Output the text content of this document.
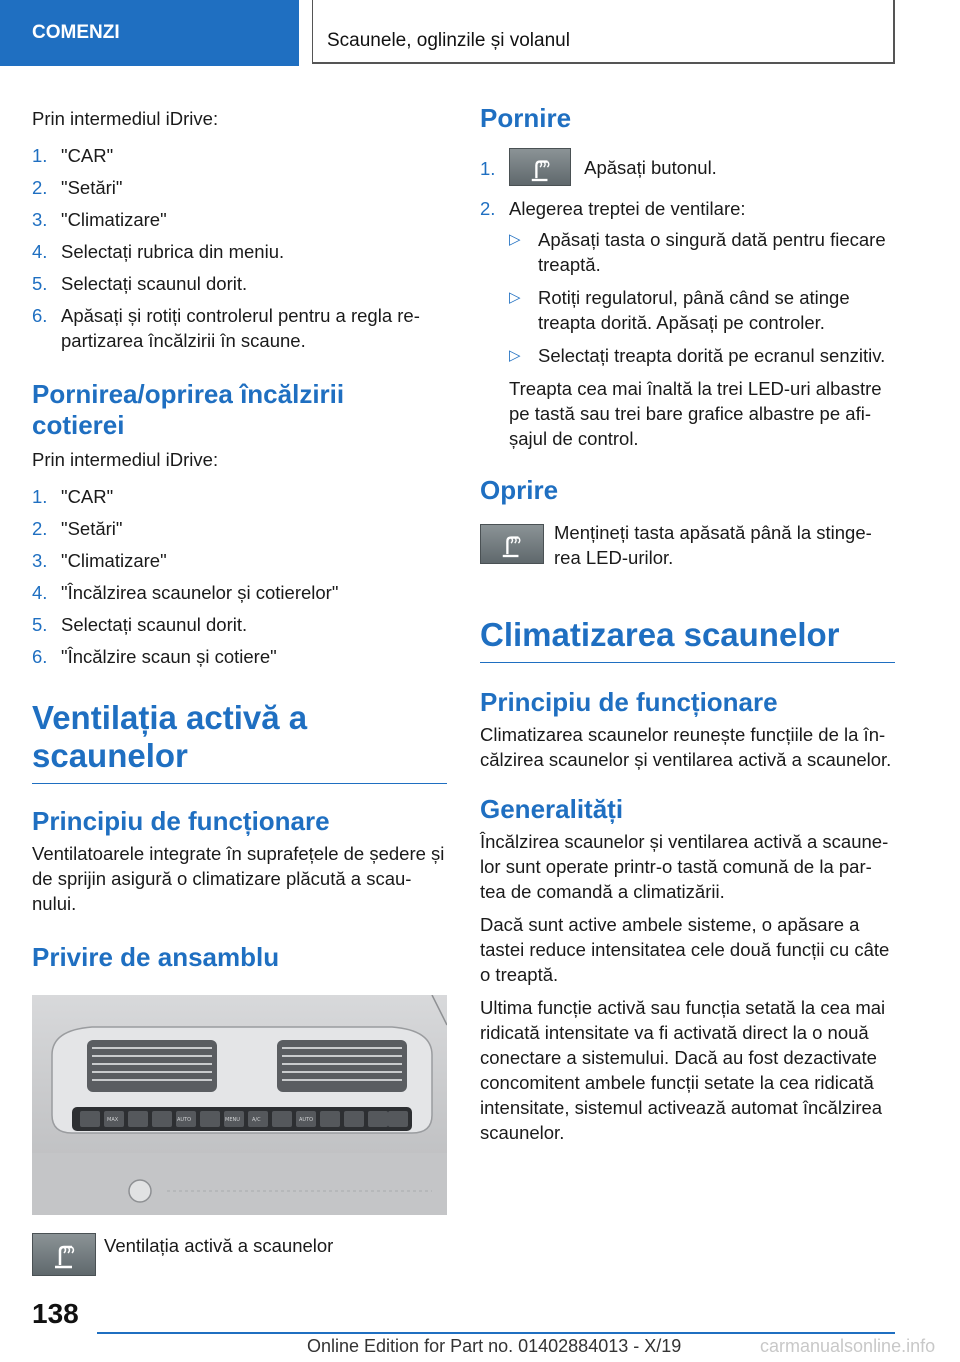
COMENZI	Scaunele, oglinzile și volanul

Prin intermediul iDrive:

1. "CAR"
2. "Setări"
3. "Climatizare"
4. Selectați rubrica din meniu.
5. Selectați scaunul dorit.
6. Apăsați și rotiți controlerul pentru a regla re‐partizarea încălzirii în scaune.
Pornirea/oprirea încălzirii cotierei

Prin intermediul iDrive:

1. "CAR"
2. "Setări"
3. "Climatizare"
4. "Încălzirea scaunelor și cotierelor"
5. Selectați scaunul dorit.
6. "Încălzire scaun și cotiere"
Ventilația activă a scaunelor
Principiu de funcționare

Ventilatoarele integrate în suprafețele de ședere și de sprijin asigură o climatizare plăcută a scau‐nului.

Privire de ansamblu
MAX	AUTO	MENU A/C	AUTO

Ventilația activă a scaunelor

Pornire
1.	Apăsați butonul.
2. Alegerea treptei de ventilare:
▷ Apăsați tasta o singură dată pentru fiecare treaptă.
▷ Rotiți regulatorul, până când se atinge treapta dorită. Apăsați pe controler.
▷ Selectați treapta dorită pe ecranul senzitiv.

Treapta cea mai înaltă la trei LED-uri albastre pe tastă sau trei bare grafice albastre pe afi‐șajul de control.

Oprire

Mențineți tasta apăsată până la stinge‐rea LED-urilor.

Climatizarea scaunelor
Principiu de funcționare

Climatizarea scaunelor reunește funcțiile de la în‐călzirea scaunelor și ventilarea activă a scaunelor.

Generalități

Încălzirea scaunelor și ventilarea activă a scaune‐lor sunt operate printr-o tastă comună de la par‐tea de comandă a climatizării.

Dacă sunt active ambele sisteme, o apăsare a tastei reduce intensitatea cele două funcții cu câte o treaptă.

Ultima funcție activă sau funcția setată la cea mai ridicată intensitate va fi activată direct la o nouă conectare a sistemului. Dacă au fost dezactivate concomitent ambele funcții setate la cea ridicată intensitate, sistemul activează automat încălzirea scaunelor.

138
Online Edition for Part no. 01402884013 - X/19	carmanualsonline.info
